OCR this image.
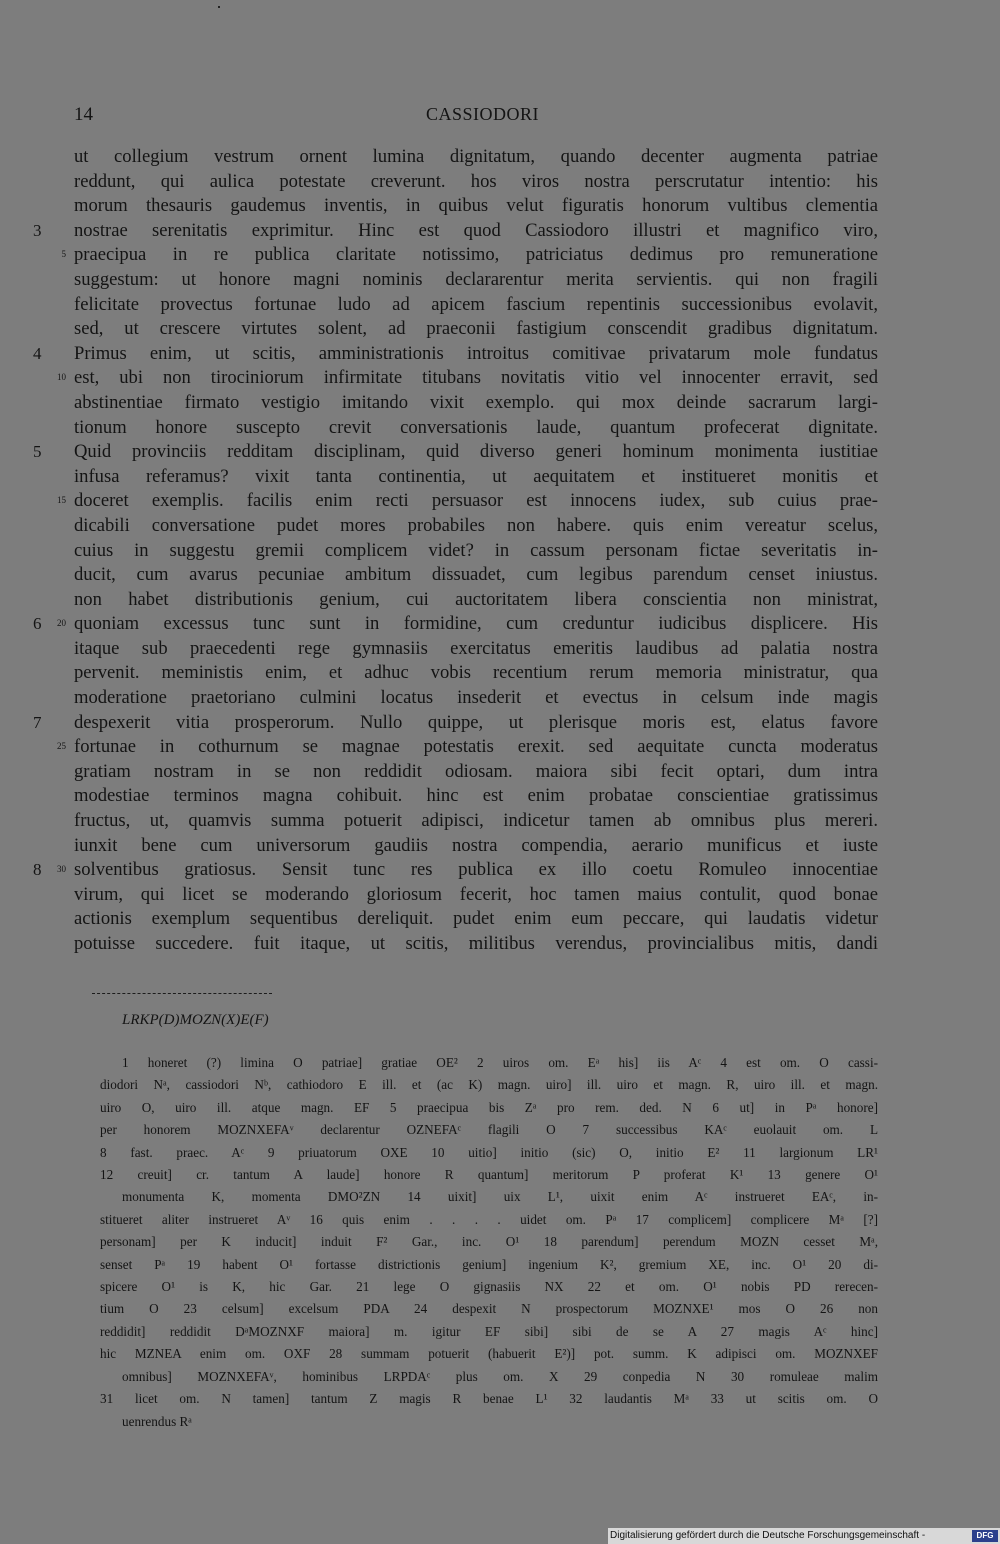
14	CASSIODORI
ut collegium vestrum ornent lumina dignitatum, quando decenter augmenta patriae
reddunt, qui aulica potestate creverunt. hos viros nostra perscrutatur intentio: his
morum thesauris gaudemus inventis, in quibus velut figuratis honorum vultibus clementia
3 nostrae serenitatis exprimitur. Hinc est quod Cassiodoro illustri et magnifico viro,
5 praecipua in re publica claritate notissimo, patriciatus dedimus pro remuneratione
suggestum: ut honore magni nominis declararentur merita servientis. qui non fragili
felicitate provectus fortunae ludo ad apicem fascium repentinis successionibus evolavit,
sed, ut crescere virtutes solent, ad praeconii fastigium conscendit gradibus dignitatum.
4 Primus enim, ut scitis, amministrationis introitus comitivae privatarum mole fundatus
10 est, ubi non tirociniorum infirmitate titubans novitatis vitio vel innocenter erravit, sed
abstinentiae firmato vestigio imitando vixit exemplo. qui mox deinde sacrarum largi-
tionum honore suscepto crevit conversationis laude, quantum profecerat dignitate.
5 Quid provinciis redditam disciplinam, quid diverso generi hominum monimenta iustitiae
infusa referamus? vixit tanta continentia, ut aequitatem et institueret monitis et
15 doceret exemplis. facilis enim recti persuasor est innocens iudex, sub cuius prae-
dicabili conversatione pudet mores probabiles non habere. quis enim vereatur scelus,
cuius in suggestu gremii complicem videt? in cassum personam fictae severitatis in-
ducit, cum avarus pecuniae ambitum dissuadet, cum legibus parendum censet iniustus.
non habet distributionis genium, cui auctoritatem libera conscientia non ministrat,
6	20 quoniam excessus tunc sunt in formidine, cum creduntur iudicibus displicere. His
itaque sub praecedenti rege gymnasiis exercitatus emeritis laudibus ad palatia nostra
pervenit. meministis enim, et adhuc vobis recentium rerum memoria ministratur, qua
moderatione praetoriano culmini locatus insederit et evectus in celsum inde magis
7 despexerit vitia prosperorum. Nullo quippe, ut plerisque moris est, elatus favore
25 fortunae in cothurnum se magnae potestatis erexit. sed aequitate cuncta moderatus
gratiam nostram in se non reddidit odiosam. maiora sibi fecit optari, dum intra
modestiae terminos magna cohibuit. hinc est enim probatae conscientiae gratissimus
fructus, ut, quamvis summa potuerit adipisci, indicetur tamen ab omnibus plus mereri.
iunxit bene cum universorum gaudiis nostra compendia, aerario munificus et iuste
8	30 solventibus gratiosus. Sensit tunc res publica ex illo coetu Romuleo innocentiae
virum, qui licet se moderando gloriosum fecerit, hoc tamen maius contulit, quod bonae
actionis exemplum sequentibus dereliquit. pudet enim eum peccare, qui laudatis videtur
potuisse succedere. fuit itaque, ut scitis, militibus verendus, provincialibus mitis, dandi
LRKP(D)MOZN(X)E(F)
1 honeret (?) limina O patriae] gratiae OE² 2 uiros om. Eᵃ his] iis Aᶜ 4 est om. O cassi-
diodori Nᵃ, cassiodori Nᵇ, cathiodoro E ill. et (ac K) magn. uiro] ill. uiro et magn. R, uiro ill. et magn.
uiro O, uiro ill. atque magn. EF 5 praecipua bis Zᵃ pro rem. ded. N 6 ut] in Pᵃ honore]
per honorem MOZNXEFAᵛ declarentur OZNEFAᶜ flagili O 7 successibus KAᶜ euolauit om. L
8 fast. praec. Aᶜ 9 priuatorum OXE 10 uitio] initio (sic) O, initio E² 11 largionum LR¹
12 creuit] cr. tantum A laude] honore R quantum] meritorum P proferat K¹ 13 genere O¹
monumenta K, momenta DMO²ZN 14 uixit] uix L¹, uixit enim Aᶜ instrueret EAᶜ, in-
stitueret aliter instrueret Aᵛ 16 quis enim . . . . uidet om. Pᵃ 17 complicem] complicere Mᵃ [?]
personam] per K inducit] induit F² Gar., inc. O¹ 18 parendum] perendum MOZN cesset Mᵃ,
senset Pᵃ 19 habent O¹ fortasse districtionis genium] ingenium K², gremium XE, inc. O¹ 20 di-
spicere O¹ is K, hic Gar. 21 lege O gignasiis NX 22 et om. O¹ nobis PD rerecen-
tium O 23 celsum] excelsum PDA 24 despexit N prospectorum MOZNXE¹ mos O 26 non
reddidit] reddidit DᵃMOZNXF maiora] m. igitur EF sibi] sibi de se A 27 magis Aᶜ hinc]
hic MZNEA enim om. OXF 28 summam potuerit (habuerit E²)] pot. summ. K adipisci om. MOZNXEF
omnibus] MOZNXEFAᵛ, hominibus LRPDAᶜ plus om. X 29 conpedia N 30 romuleae malim
31 licet om. N tamen] tantum Z magis R benae L¹ 32 laudantis Mᵃ 33 ut scitis om. O
uenrendus Rᵃ
Digitalisierung gefördert durch die Deutsche Forschungsgemeinschaft -	DFG
